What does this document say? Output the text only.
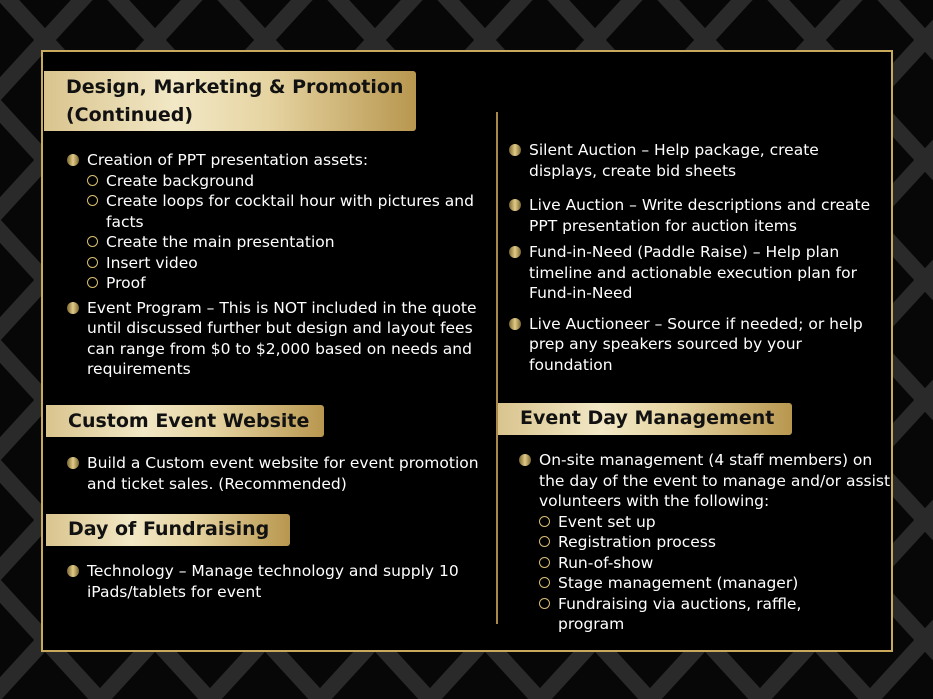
Design, Marketing & Promotion
(Continued)
Creation of PPT presentation assets:
Create background
Create loops for cocktail hour with pictures and facts
Create the main presentation
Insert video
Proof
Event Program – This is NOT included in the quote until discussed further but design and layout fees can range from $0 to $2,000 based on needs and requirements
Custom Event Website
Build a Custom event website for event promotion and ticket sales. (Recommended)
Day of Fundraising
Technology – Manage technology and supply 10 iPads/tablets for event
Silent Auction – Help package, create displays, create bid sheets
Live Auction – Write descriptions and create PPT presentation for auction items
Fund-in-Need (Paddle Raise) – Help plan timeline and actionable execution plan for Fund-in-Need
Live Auctioneer – Source if needed; or help prep any speakers sourced by your foundation
Event Day Management
On-site management (4 staff members) on the day of the event to manage and/or assist volunteers with the following:
Event set up
Registration process
Run-of-show
Stage management (manager)
Fundraising via auctions, raffle, program
